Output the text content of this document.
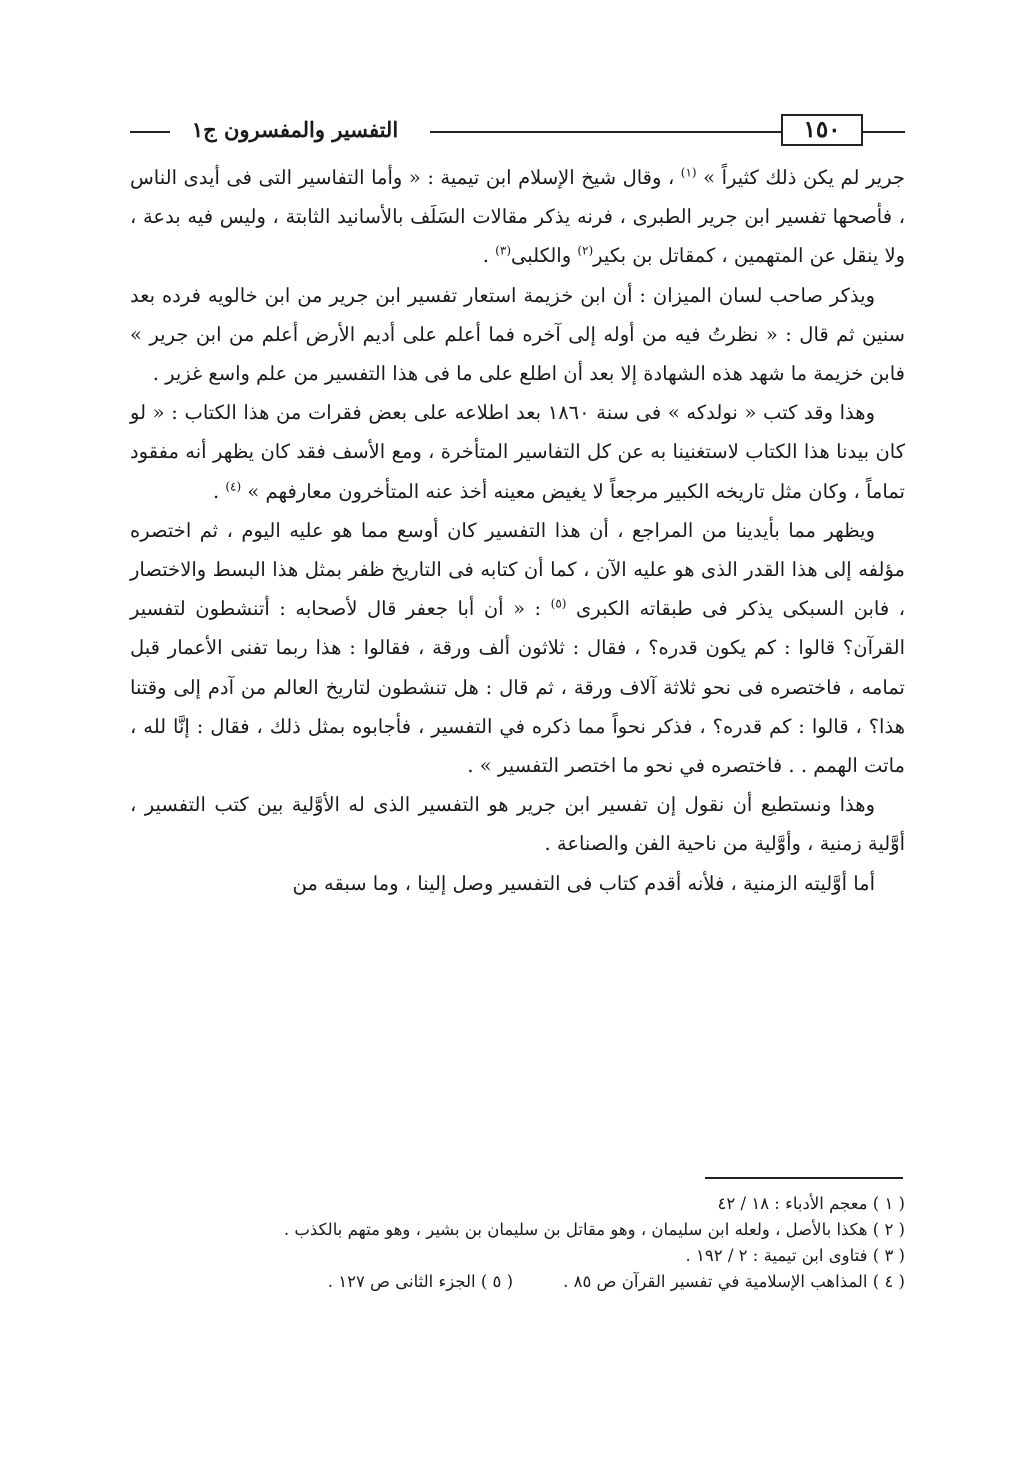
التفسير والمفسرون ج١	١٥٠

جرير لم يكن ذلك كثيراً » $^{(١)}$ ، وقال شيخ الإسلام ابن تيمية : « وأما التفاسير التى فى أيدى الناس ، فأصحها تفسير ابن جرير الطبرى ، فرنه يذكر مقالات السَلَف بالأسانيد الثابتة ، وليس فيه بدعة ، ولا ينقل عن المتهمين ، كمقاتل بن بكير$^{(٢)}$ والكلبى$^{(٣)}$ .

ويذكر صاحب لسان الميزان : أن ابن خزيمة استعار تفسير ابن جرير من ابن خالويه فرده بعد سنين ثم قال : « نظرتُ فيه من أوله إلى آخره فما أعلم على أديم الأرض أعلم من ابن جرير » فابن خزيمة ما شهد هذه الشهادة إلا بعد أن اطلع على ما فى هذا التفسير من علم واسع غزير .

وهذا وقد كتب « نولدكه » فى سنة ١٨٦٠ بعد اطلاعه على بعض فقرات من هذا الكتاب : « لو كان بيدنا هذا الكتاب لاستغنينا به عن كل التفاسير المتأخرة ، ومع الأسف فقد كان يظهر أنه مفقود تماماً ، وكان مثل تاريخه الكبير مرجعاً لا يغيض معينه أخذ عنه المتأخرون معارفهم » $^{(٤)}$ .

ويظهر مما بأيدينا من المراجع ، أن هذا التفسير كان أوسع مما هو عليه اليوم ، ثم اختصره مؤلفه إلى هذا القدر الذى هو عليه الآن ، كما أن كتابه فى التاريخ ظفر بمثل هذا البسط والاختصار ، فابن السبكى يذكر فى طبقاته الكبرى $^{(٥)}$ : « أن أبا جعفر قال لأصحابه : أتنشطون لتفسير القرآن؟ قالوا : كم يكون قدره؟ ، فقال : ثلاثون ألف ورقة ، فقالوا : هذا ربما تفنى الأعمار قبل تمامه ، فاختصره فى نحو ثلاثة آلاف ورقة ، ثم قال : هل تنشطون لتاريخ العالم من آدم إلى وقتنا هذا؟ ، قالوا : كم قدره؟ ، فذكر نحواً مما ذكره في التفسير ، فأجابوه بمثل ذلك ، فقال : إنَّا لله ، ماتت الهمم . . فاختصره في نحو ما اختصر التفسير » .

وهذا ونستطيع أن نقول إن تفسير ابن جرير هو التفسير الذى له الأوَّلية بين كتب التفسير ، أوَّلية زمنية ، وأوَّلية من ناحية الفن والصناعة .

أما أوَّليته الزمنية ، فلأنه أقدم كتاب فى التفسير وصل إلينا ، وما سبقه من

( ١ ) معجم الأدباء : ١٨ / ٤٢
( ٢ ) هكذا بالأصل ، ولعله ابن سليمان ، وهو مقاتل بن سليمان بن بشير ، وهو متهم بالكذب .
( ٣ ) فتاوى ابن تيمية : ٢ / ١٩٢ .
( ٤ ) المذاهب الإسلامية في تفسير القرآن ص ٨٥ .
( ٥ ) الجزء الثانى ص ١٢٧ .
